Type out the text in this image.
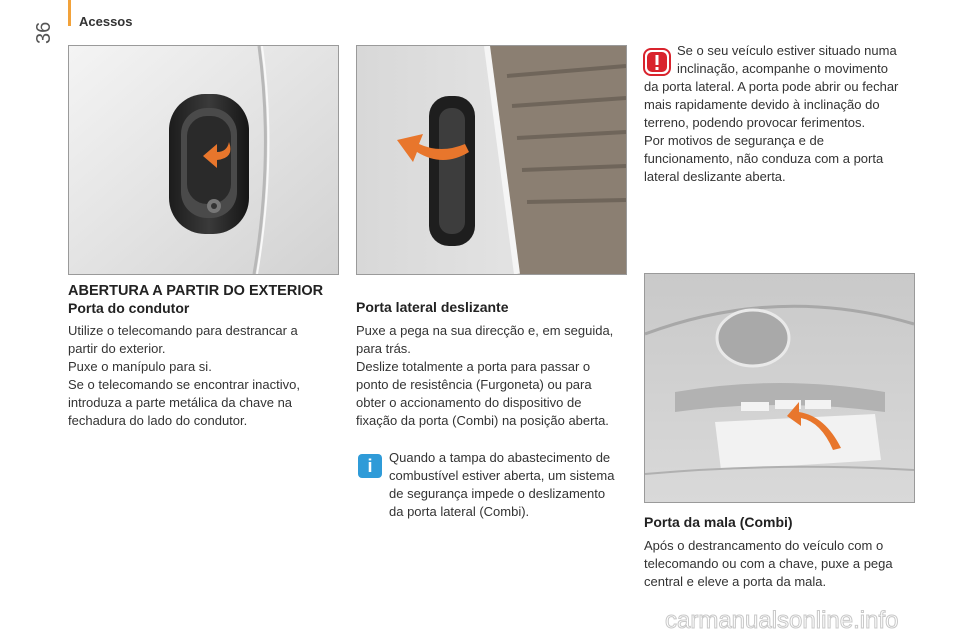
Acessos
36
ABERTURA A PARTIR DO EXTERIOR
Porta do condutor

Utilize o telecomando para destrancar a
partir do exterior.
Puxe o manípulo para si.
Se o telecomando se encontrar inactivo,
introduza a parte metálica da chave na
fechadura do lado do condutor.

Porta lateral deslizante

Puxe a pega na sua direcção e, em seguida,
para trás.
Deslize totalmente a porta para passar o
ponto de resistência (Furgoneta) ou para
obter o accionamento do dispositivo de
fixação da porta (Combi) na posição aberta.

i	Quando a tampa do abastecimento de
combustível estiver aberta, um sistema
de segurança impede o deslizamento
da porta lateral (Combi).

Se o seu veículo estiver situado numa
inclinação, acompanhe o movimento

da porta lateral. A porta pode abrir ou fechar
mais rapidamente devido à inclinação do
terreno, podendo provocar ferimentos.
Por motivos de segurança e de
funcionamento, não conduza com a porta
lateral deslizante aberta.

Porta da mala (Combi)

Após o destrancamento do veículo com o
telecomando ou com a chave, puxe a pega
central e eleve a porta da mala.

carmanualsonline.info
